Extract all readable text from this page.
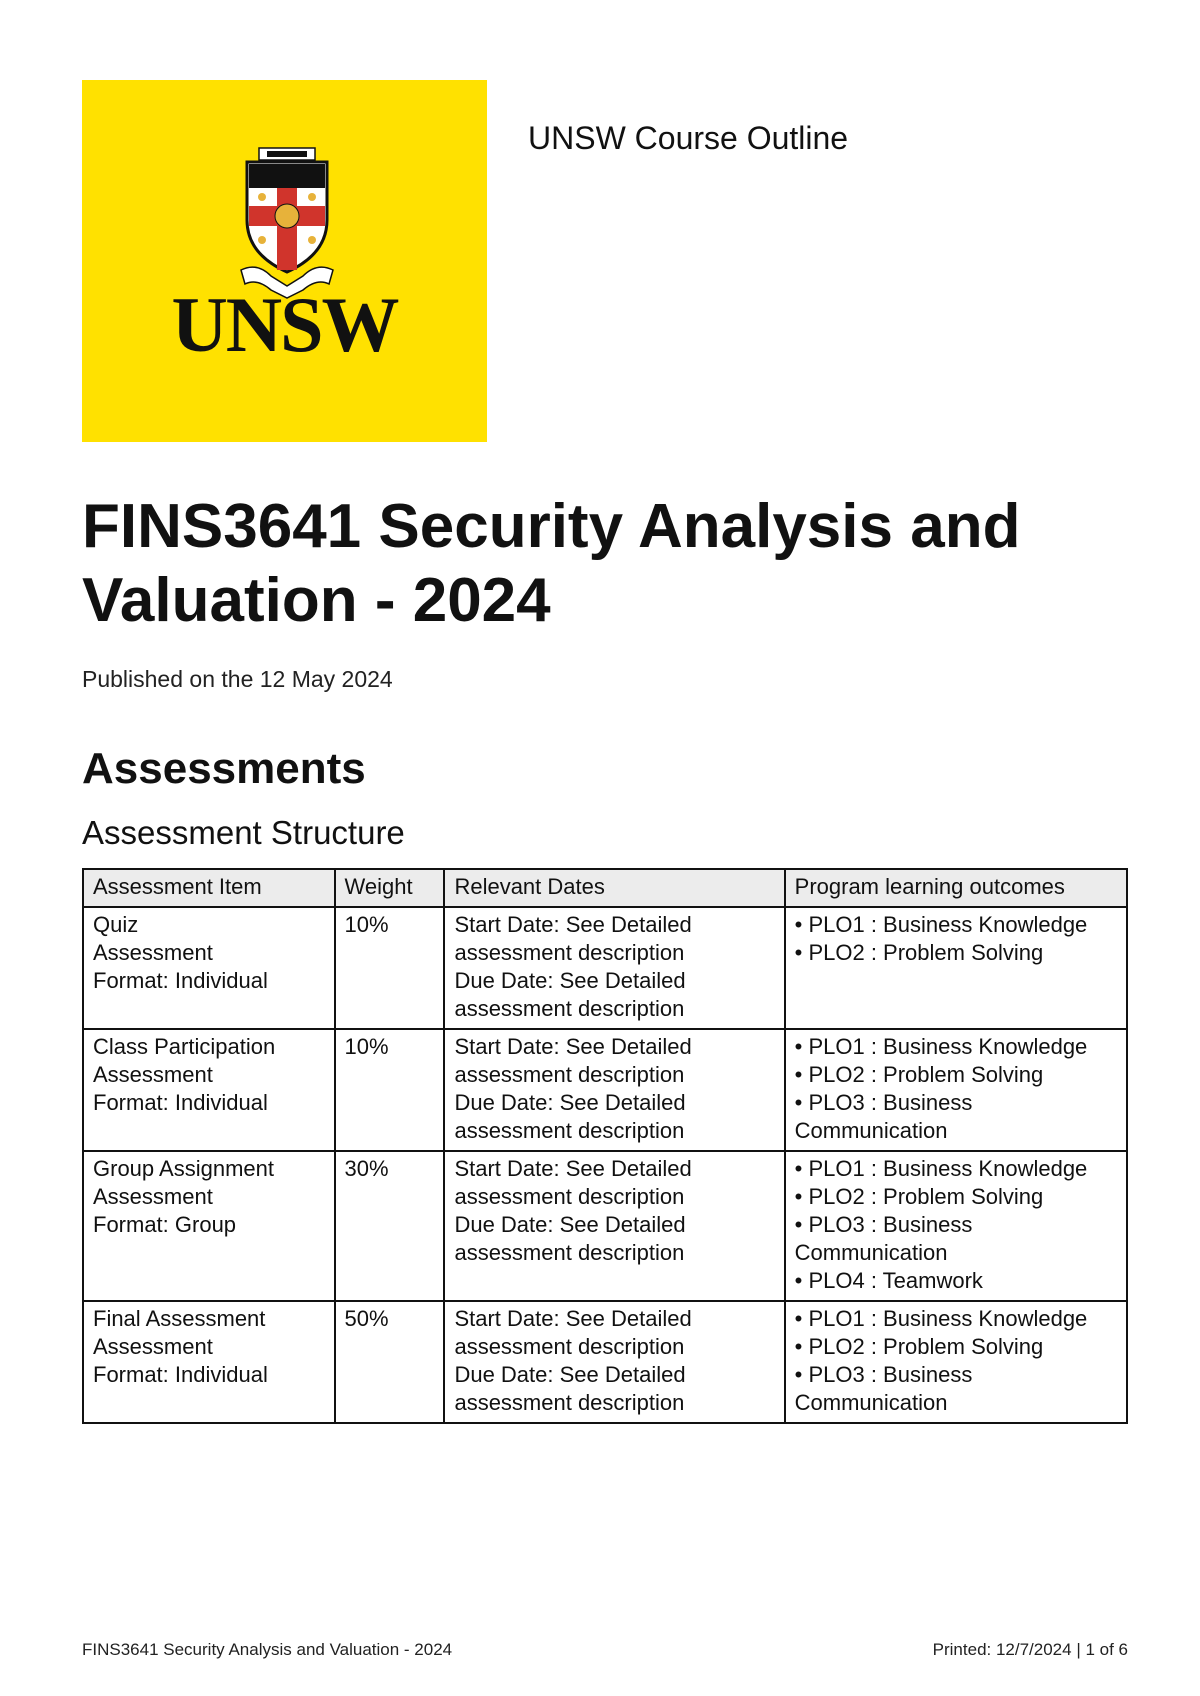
UNSW
UNSW Course Outline
FINS3641 Security Analysis and Valuation - 2024
Published on the 12 May 2024
Assessments
Assessment Structure
Assessment Item	Weight	Relevant Dates	Program learning outcomes

Quiz
Assessment
Format: Individual	10%	Start Date: See Detailed
assessment description
Due Date: See Detailed
assessment description	• PLO1 : Business Knowledge
• PLO2 : Problem Solving

Class Participation
Assessment
Format: Individual	10%	Start Date: See Detailed
assessment description
Due Date: See Detailed
assessment description	• PLO1 : Business Knowledge
• PLO2 : Problem Solving
• PLO3 : Business
Communication

Group Assignment
Assessment
Format: Group	30%	Start Date: See Detailed
assessment description
Due Date: See Detailed
assessment description	• PLO1 : Business Knowledge
• PLO2 : Problem Solving
• PLO3 : Business
Communication
• PLO4 : Teamwork

Final Assessment
Assessment
Format: Individual	50%	Start Date: See Detailed
assessment description
Due Date: See Detailed
assessment description	• PLO1 : Business Knowledge
• PLO2 : Problem Solving
• PLO3 : Business
Communication
FINS3641 Security Analysis and Valuation - 2024	Printed: 12/7/2024 | 1 of 6
